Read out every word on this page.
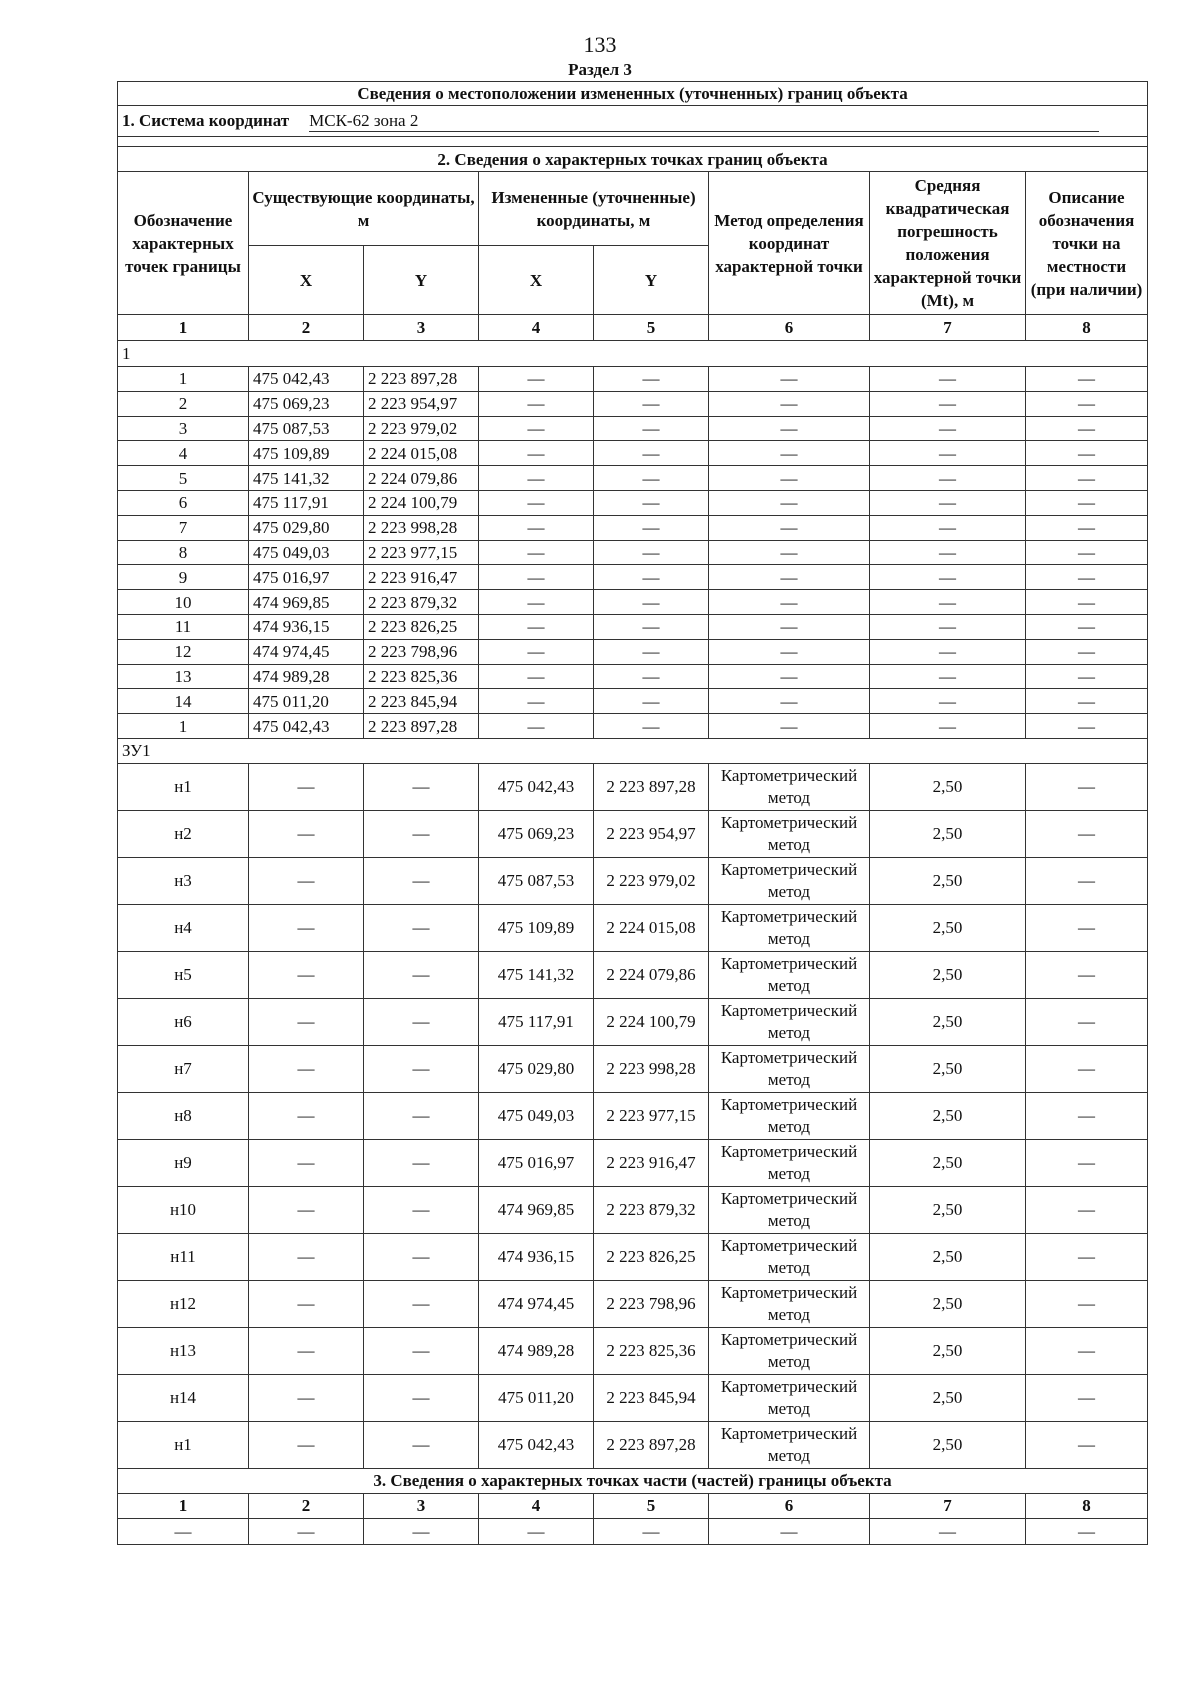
133
Раздел 3
Сведения о местоположении измененных (уточненных) границ объекта							
1. Система координат МСК-62 зона 2							

2. Сведения о характерных точках границ объекта							
Обозначение характерных точек границы	Существующие координаты, м		Измененные (уточненные) координаты, м		Метод определения координат характерной точки	Средняя квадратическая погрешность положения характерной точки (Mt), м	Описание обозначения точки на местности (при наличии)
	X	Y	X	Y			
1	2	3	4	5	6	7	8
1							
1	475 042,43	2 223 897,28	—	—	—	—	—
2	475 069,23	2 223 954,97	—	—	—	—	—
3	475 087,53	2 223 979,02	—	—	—	—	—
4	475 109,89	2 224 015,08	—	—	—	—	—
5	475 141,32	2 224 079,86	—	—	—	—	—
6	475 117,91	2 224 100,79	—	—	—	—	—
7	475 029,80	2 223 998,28	—	—	—	—	—
8	475 049,03	2 223 977,15	—	—	—	—	—
9	475 016,97	2 223 916,47	—	—	—	—	—
10	474 969,85	2 223 879,32	—	—	—	—	—
11	474 936,15	2 223 826,25	—	—	—	—	—
12	474 974,45	2 223 798,96	—	—	—	—	—
13	474 989,28	2 223 825,36	—	—	—	—	—
14	475 011,20	2 223 845,94	—	—	—	—	—
1	475 042,43	2 223 897,28	—	—	—	—	—
ЗУ1							
н1	—	—	475 042,43	2 223 897,28	Картометрический метод	2,50	—
н2	—	—	475 069,23	2 223 954,97	Картометрический метод	2,50	—
н3	—	—	475 087,53	2 223 979,02	Картометрический метод	2,50	—
н4	—	—	475 109,89	2 224 015,08	Картометрический метод	2,50	—
н5	—	—	475 141,32	2 224 079,86	Картометрический метод	2,50	—
н6	—	—	475 117,91	2 224 100,79	Картометрический метод	2,50	—
н7	—	—	475 029,80	2 223 998,28	Картометрический метод	2,50	—
н8	—	—	475 049,03	2 223 977,15	Картометрический метод	2,50	—
н9	—	—	475 016,97	2 223 916,47	Картометрический метод	2,50	—
н10	—	—	474 969,85	2 223 879,32	Картометрический метод	2,50	—
н11	—	—	474 936,15	2 223 826,25	Картометрический метод	2,50	—
н12	—	—	474 974,45	2 223 798,96	Картометрический метод	2,50	—
н13	—	—	474 989,28	2 223 825,36	Картометрический метод	2,50	—
н14	—	—	475 011,20	2 223 845,94	Картометрический метод	2,50	—
н1	—	—	475 042,43	2 223 897,28	Картометрический метод	2,50	—
3. Сведения о характерных точках части (частей) границы объекта							
1	2	3	4	5	6	7	8
—	—	—	—	—	—	—	—
